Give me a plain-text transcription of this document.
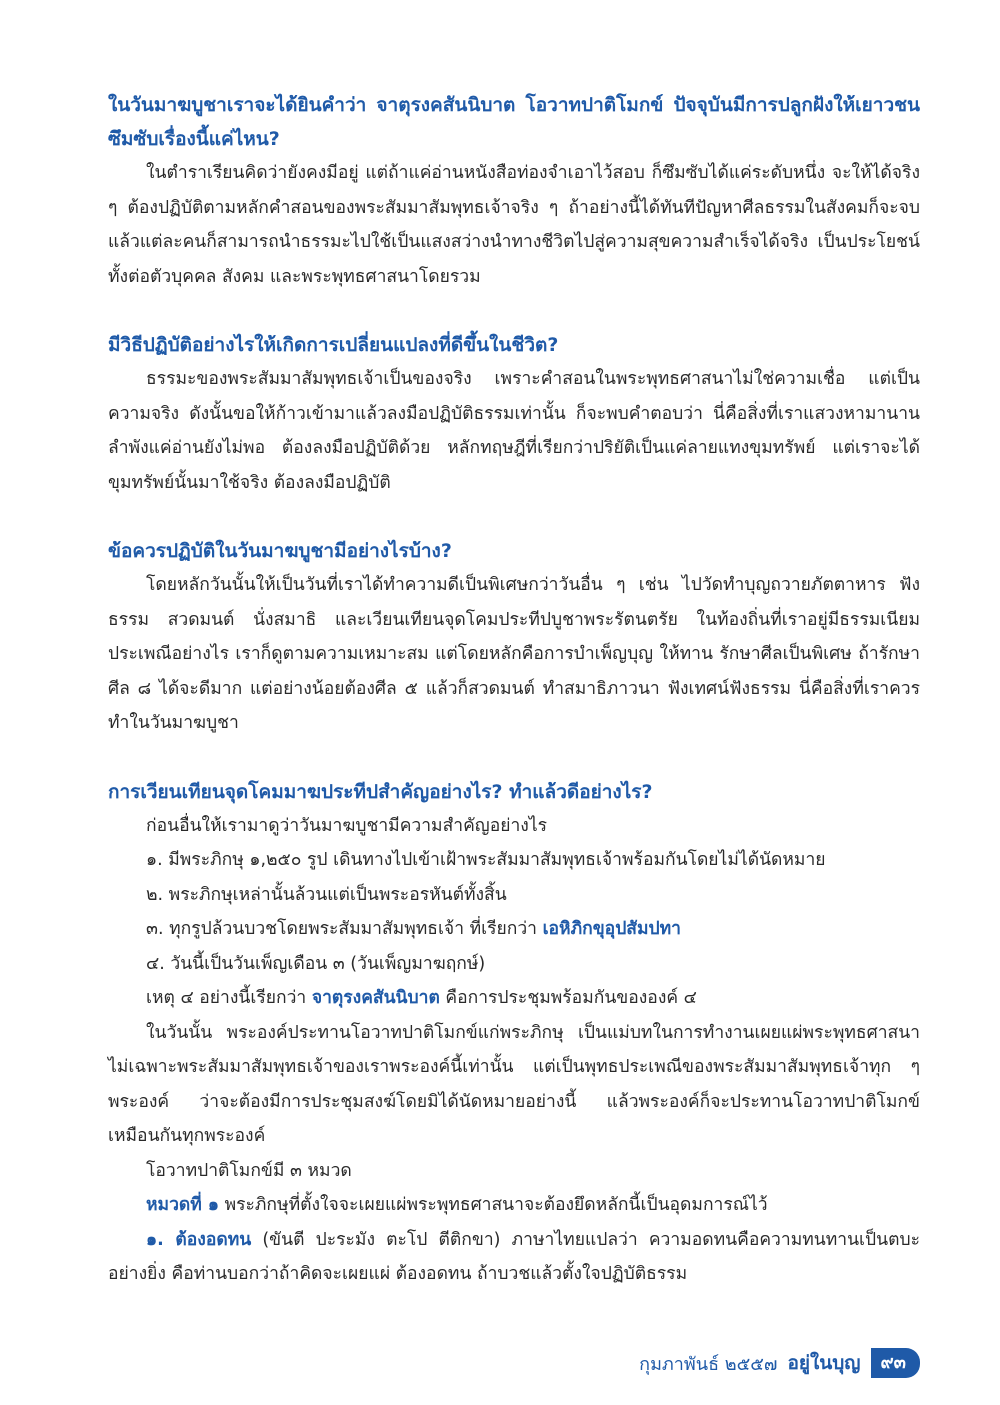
ในวันมาฆบูชาเราจะได้ยินคำว่า จาตุรงคสันนิบาต โอวาทปาติโมกข์ ปัจจุบันมีการปลูกฝังให้เยาวชนซึมซับเรื่องนี้แค่ไหน?

ในตำราเรียนคิดว่ายังคงมีอยู่ แต่ถ้าแค่อ่านหนังสือท่องจำเอาไว้สอบ ก็ซึมซับได้แค่ระดับหนึ่ง จะให้ได้จริง ๆ ต้องปฏิบัติตามหลักคำสอนของพระสัมมาสัมพุทธเจ้าจริง ๆ ถ้าอย่างนี้ได้ทันทีปัญหาศีลธรรมในสังคมก็จะจบ แล้วแต่ละคนก็สามารถนำธรรมะไปใช้เป็นแสงสว่างนำทางชีวิตไปสู่ความสุขความสำเร็จได้จริง เป็นประโยชน์ทั้งต่อตัวบุคคล สังคม และพระพุทธศาสนาโดยรวม

มีวิธีปฏิบัติอย่างไรให้เกิดการเปลี่ยนแปลงที่ดีขึ้นในชีวิต?

ธรรมะของพระสัมมาสัมพุทธเจ้าเป็นของจริง เพราะคำสอนในพระพุทธศาสนาไม่ใช่ความเชื่อ แต่เป็นความจริง ดังนั้นขอให้ก้าวเข้ามาแล้วลงมือปฏิบัติธรรมเท่านั้น ก็จะพบคำตอบว่า นี่คือสิ่งที่เราแสวงหามานาน ลำพังแค่อ่านยังไม่พอ ต้องลงมือปฏิบัติด้วย หลักทฤษฎีที่เรียกว่าปริยัติเป็นแค่ลายแทงขุมทรัพย์ แต่เราจะได้ขุมทรัพย์นั้นมาใช้จริง ต้องลงมือปฏิบัติ

ข้อควรปฏิบัติในวันมาฆบูชามีอย่างไรบ้าง?

โดยหลักวันนั้นให้เป็นวันที่เราได้ทำความดีเป็นพิเศษกว่าวันอื่น ๆ เช่น ไปวัดทำบุญถวายภัตตาหาร ฟังธรรม สวดมนต์ นั่งสมาธิ และเวียนเทียนจุดโคมประทีปบูชาพระรัตนตรัย ในท้องถิ่นที่เราอยู่มีธรรมเนียมประเพณีอย่างไร เราก็ดูตามความเหมาะสม แต่โดยหลักคือการบำเพ็ญบุญ ให้ทาน รักษาศีลเป็นพิเศษ ถ้ารักษาศีล ๘ ได้จะดีมาก แต่อย่างน้อยต้องศีล ๕ แล้วก็สวดมนต์ ทำสมาธิภาวนา ฟังเทศน์ฟังธรรม นี่คือสิ่งที่เราควรทำในวันมาฆบูชา

การเวียนเทียนจุดโคมมาฆประทีปสำคัญอย่างไร? ทำแล้วดีอย่างไร?

ก่อนอื่นให้เรามาดูว่าวันมาฆบูชามีความสำคัญอย่างไร

๑. มีพระภิกษุ ๑,๒๕๐ รูป เดินทางไปเข้าเฝ้าพระสัมมาสัมพุทธเจ้าพร้อมกันโดยไม่ได้นัดหมาย

๒. พระภิกษุเหล่านั้นล้วนแต่เป็นพระอรหันต์ทั้งสิ้น

๓. ทุกรูปล้วนบวชโดยพระสัมมาสัมพุทธเจ้า ที่เรียกว่า เอหิภิกขุอุปสัมปทา

๔. วันนี้เป็นวันเพ็ญเดือน ๓ (วันเพ็ญมาฆฤกษ์)

เหตุ ๔ อย่างนี้เรียกว่า จาตุรงคสันนิบาต คือการประชุมพร้อมกันขององค์ ๔

ในวันนั้น พระองค์ประทานโอวาทปาติโมกข์แก่พระภิกษุ เป็นแม่บทในการทำงานเผยแผ่พระพุทธศาสนา ไม่เฉพาะพระสัมมาสัมพุทธเจ้าของเราพระองค์นี้เท่านั้น แต่เป็นพุทธประเพณีของพระสัมมาสัมพุทธเจ้าทุก ๆ พระองค์ ว่าจะต้องมีการประชุมสงฆ์โดยมิได้นัดหมายอย่างนี้ แล้วพระองค์ก็จะประทานโอวาทปาติโมกข์เหมือนกันทุกพระองค์

โอวาทปาติโมกข์มี ๓ หมวด

หมวดที่ ๑ พระภิกษุที่ตั้งใจจะเผยแผ่พระพุทธศาสนาจะต้องยึดหลักนี้เป็นอุดมการณ์ไว้

๑. ต้องอดทน (ขันตี ปะระมัง ตะโป ตีติกขา) ภาษาไทยแปลว่า ความอดทนคือความทนทานเป็นตบะอย่างยิ่ง คือท่านบอกว่าถ้าคิดจะเผยแผ่ ต้องอดทน ถ้าบวชแล้วตั้งใจปฏิบัติธรรม

กุมภาพันธ์ ๒๕๕๗ อยู่ในบุญ	๙๓
